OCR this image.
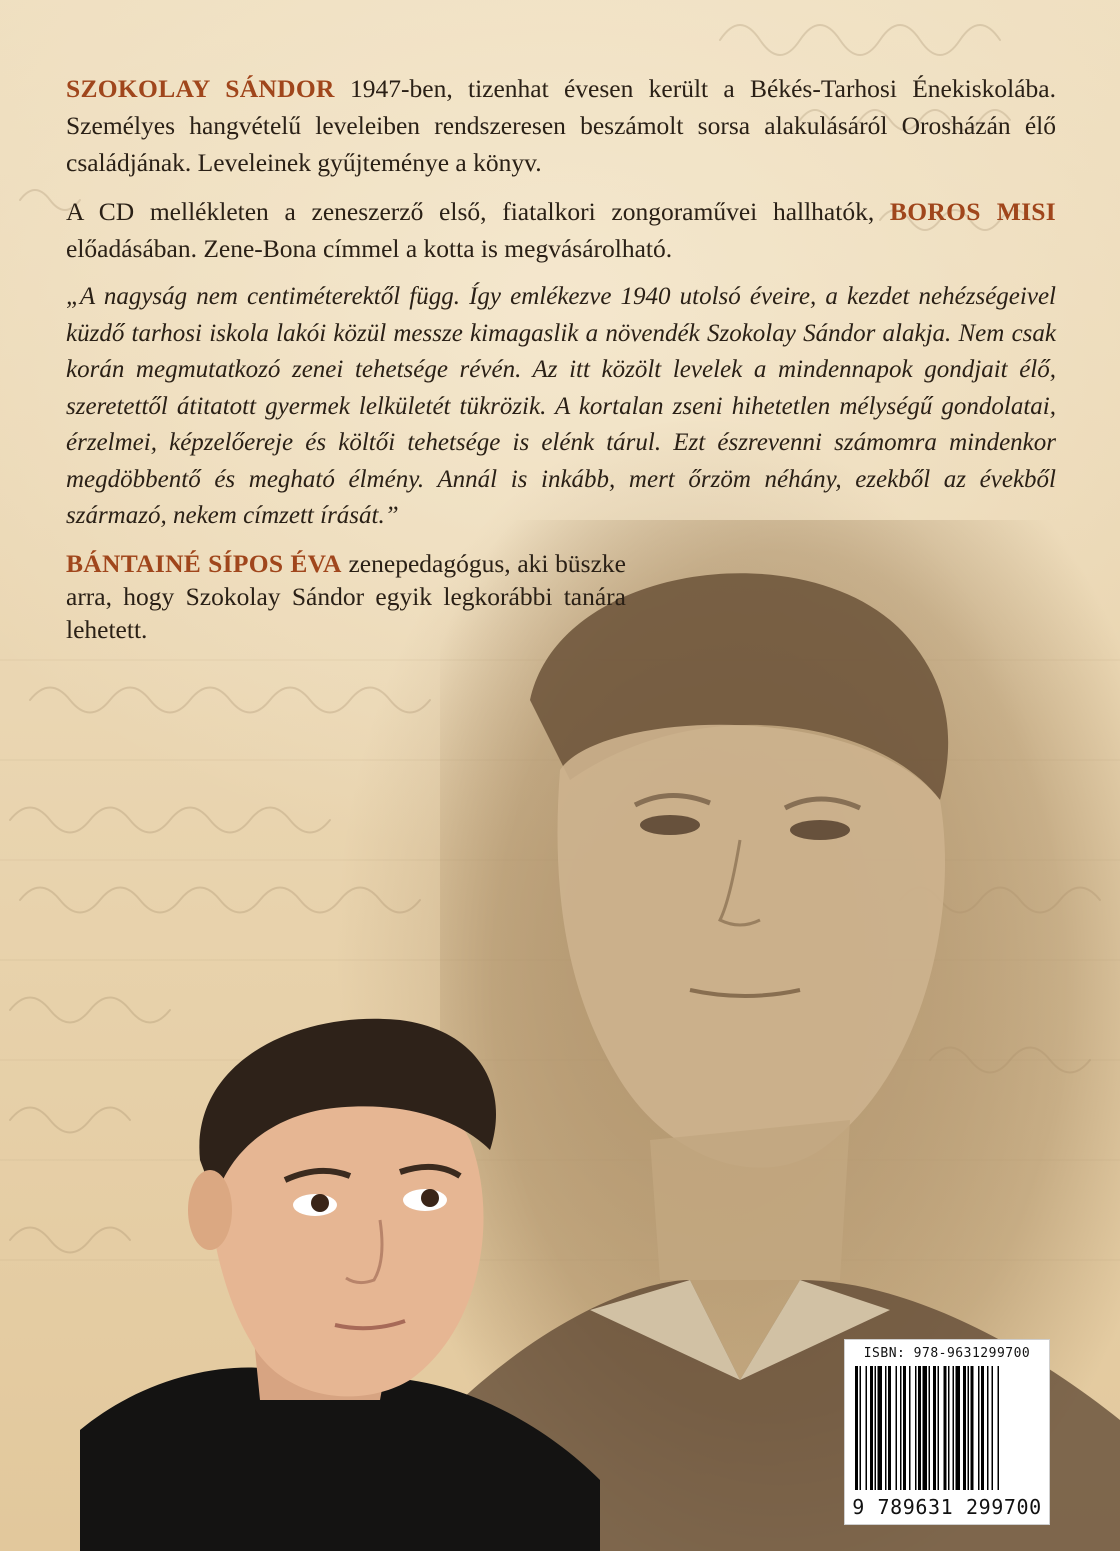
SZOKOLAY SÁNDOR 1947-ben, tizenhat évesen került a Békés-Tarhosi Énekiskolába. Személyes hangvételű leveleiben rendszeresen beszámolt sorsa alakulásáról Orosházán élő családjának. Leveleinek gyűjteménye a könyv.

A CD mellékleten a zeneszerző első, fiatalkori zongoraművei hallhatók, BOROS MISI előadásában. Zene-Bona címmel a kotta is megvásárolható.

„A nagyság nem centiméterektől függ. Így emlékezve 1940 utolsó éveire, a kezdet nehézségeivel küzdő tarhosi iskola lakói közül messze kimagaslik a növendék Szokolay Sándor alakja. Nem csak korán megmutatkozó zenei tehetsége révén. Az itt közölt levelek a mindennapok gondjait élő, szeretettől átitatott gyermek lelkületét tükrözik. A kortalan zseni hihetetlen mélységű gondolatai, érzelmei, képzelőereje és költői tehetsége is elénk tárul. Ezt észrevenni számomra mindenkor megdöbbentő és megható élmény. Annál is inkább, mert őrzöm néhány, ezekből az évekből származó, nekem címzett írását.”

BÁNTAINÉ SÍPOS ÉVA zenepedagógus, aki büszke arra, hogy Szokolay Sándor egyik legkorábbi tanára lehetett.

ISBN: 978-9631299700
9 789631 299700
